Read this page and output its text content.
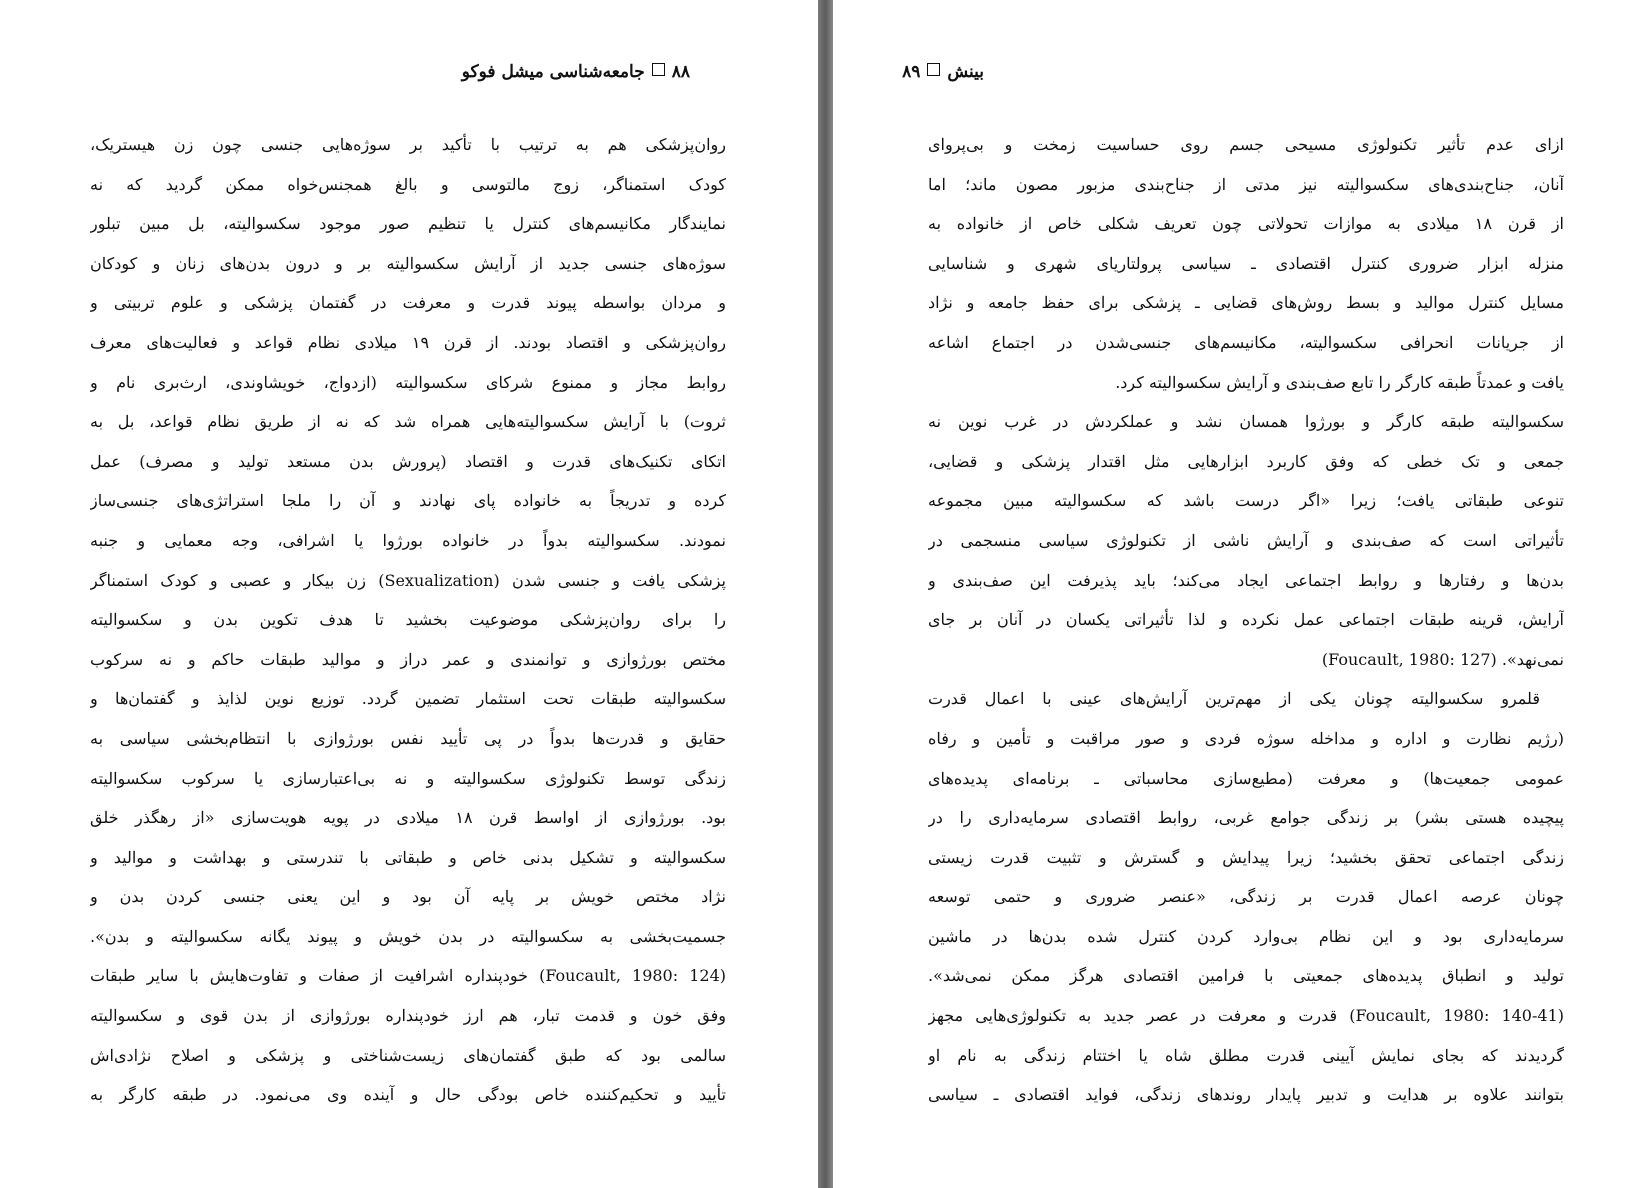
۸۸جامعه‌شناسی میشل فوکو
روان‌پزشکی هم به ترتیب با تأکید بر سوژه‌هایی جنسی چون زن هیستریک،
کودک استمناگر، زوج مالتوسی و بالغ همجنس‌خواه ممکن گردید که نه
نمایندگار مکانیسم‌های کنترل یا تنظیم صور موجود سکسوالیته، بل مبین تبلور
سوژه‌های جنسی جدید از آرایش سکسوالیته بر و درون بدن‌های زنان و کودکان
و مردان بواسطه پیوند قدرت و معرفت در گفتمان پزشکی و علوم تربیتی و
روان‌پزشکی و اقتصاد بودند. از قرن ۱۹ میلادی نظام قواعد و فعالیت‌های معرف
روابط مجاز و ممنوع شرکای سکسوالیته (ازدواج، خویشاوندی، ارث‌بری نام و
ثروت) با آرایش سکسوالیته‌هایی همراه شد که نه از طریق نظام قواعد، بل به
اتکای تکنیک‌های قدرت و اقتصاد (پرورش بدن مستعد تولید و مصرف) عمل
کرده و تدریجاً به خانواده پای نهادند و آن را ملجا استراتژی‌های جنسی‌ساز
نمودند. سکسوالیته بدواً در خانواده بورژوا یا اشرافی، وجه معمایی و جنبه
پزشکی یافت و جنسی شدن (Sexualization) زن بیکار و عصبی و کودک استمناگر
را برای روان‌پزشکی موضوعیت بخشید تا هدف تکوین بدن و سکسوالیته
مختص بورژوازی و توانمندی و عمر دراز و موالید طبقات حاکم و نه سرکوب
سکسوالیته طبقات تحت استثمار تضمین گردد. توزیع نوین لذایذ و گفتمان‌ها و
حقایق و قدرت‌ها بدواً در پی تأیید نفس بورژوازی با انتظام‌بخشی سیاسی به
زندگی توسط تکنولوژی سکسوالیته و نه بی‌اعتبارسازی یا سرکوب سکسوالیته
بود. بورژوازی از اواسط قرن ۱۸ میلادی در پویه هویت‌سازی «از رهگذر خلق
سکسوالیته و تشکیل بدنی خاص و طبقاتی با تندرستی و بهداشت و موالید و
نژاد مختص خویش بر پایه آن بود و این یعنی جنسی کردن بدن و
جسمیت‌بخشی به سکسوالیته در بدن خویش و پیوند یگانه سکسوالیته و بدن».
(Foucault, 1980: 124) خودپنداره اشرافیت از صفات و تفاوت‌هایش با سایر طبقات
وفق خون و قدمت تبار، هم ارز خودپنداره بورژوازی از بدن قوی و سکسوالیته
سالمی بود که طبق گفتمان‌های زیست‌شناختی و پزشکی و اصلاح نژادی‌اش
تأیید و تحکیم‌کننده خاص بودگی حال و آینده وی می‌نمود. در طبقه کارگر به
بینش۸۹
ازای عدم تأثیر تکنولوژی مسیحی جسم روی حساسیت زمخت و بی‌پروای
آنان، جناح‌بندی‌های سکسوالیته نیز مدتی از جناح‌بندی مزبور مصون ماند؛ اما
از قرن ۱۸ میلادی به موازات تحولاتی چون تعریف شکلی خاص از خانواده به
منزله ابزار ضروری کنترل اقتصادی ـ سیاسی پرولتاریای شهری و شناسایی
مسایل کنترل موالید و بسط روش‌های قضایی ـ پزشکی برای حفظ جامعه و نژاد
از جریانات انحرافی سکسوالیته، مکانیسم‌های جنسی‌شدن در اجتماع اشاعه
یافت و عمدتاً طبقه کارگر را تابع صف‌بندی و آرایش سکسوالیته کرد.
سکسوالیته طبقه کارگر و بورژوا همسان نشد و عملکردش در غرب نوین نه
جمعی و تک خطی که وفق کاربرد ابزارهایی مثل اقتدار پزشکی و قضایی،
تنوعی طبقاتی یافت؛ زیرا «اگر درست باشد که سکسوالیته مبین مجموعه
تأثیراتی است که صف‌بندی و آرایش ناشی از تکنولوژی سیاسی منسجمی در
بدن‌ها و رفتارها و روابط اجتماعی ایجاد می‌کند؛ باید پذیرفت این صف‌بندی و
آرایش، قرینه طبقات اجتماعی عمل نکرده و لذا تأثیراتی یکسان در آنان بر جای
نمی‌نهد». (Foucault, 1980: 127)
قلمرو سکسوالیته چونان یکی از مهم‌ترین آرایش‌های عینی با اعمال قدرت
(رژیم نظارت و اداره و مداخله سوژه فردی و صور مراقبت و تأمین و رفاه
عمومی جمعیت‌ها) و معرفت (مطیع‌سازی محاسباتی ـ برنامه‌ای پدیده‌های
پیچیده هستی بشر) بر زندگی جوامع غربی، روابط اقتصادی سرمایه‌داری را در
زندگی اجتماعی تحقق بخشید؛ زیرا پیدایش و گسترش و تثبیت قدرت زیستی
چونان عرصه اعمال قدرت بر زندگی، «عنصر ضروری و حتمی توسعه
سرمایه‌داری بود و این نظام بی‌وارد کردن کنترل شده بدن‌ها در ماشین
تولید و انطباق پدیده‌های جمعیتی با فرامین اقتصادی هرگز ممکن نمی‌شد».
(Foucault, 1980: 140-41) قدرت و معرفت در عصر جدید به تکنولوژی‌هایی مجهز
گردیدند که بجای نمایش آیینی قدرت مطلق شاه یا اختتام زندگی به نام او
بتوانند علاوه بر هدایت و تدبیر پایدار روندهای زندگی، فواید اقتصادی ـ سیاسی
